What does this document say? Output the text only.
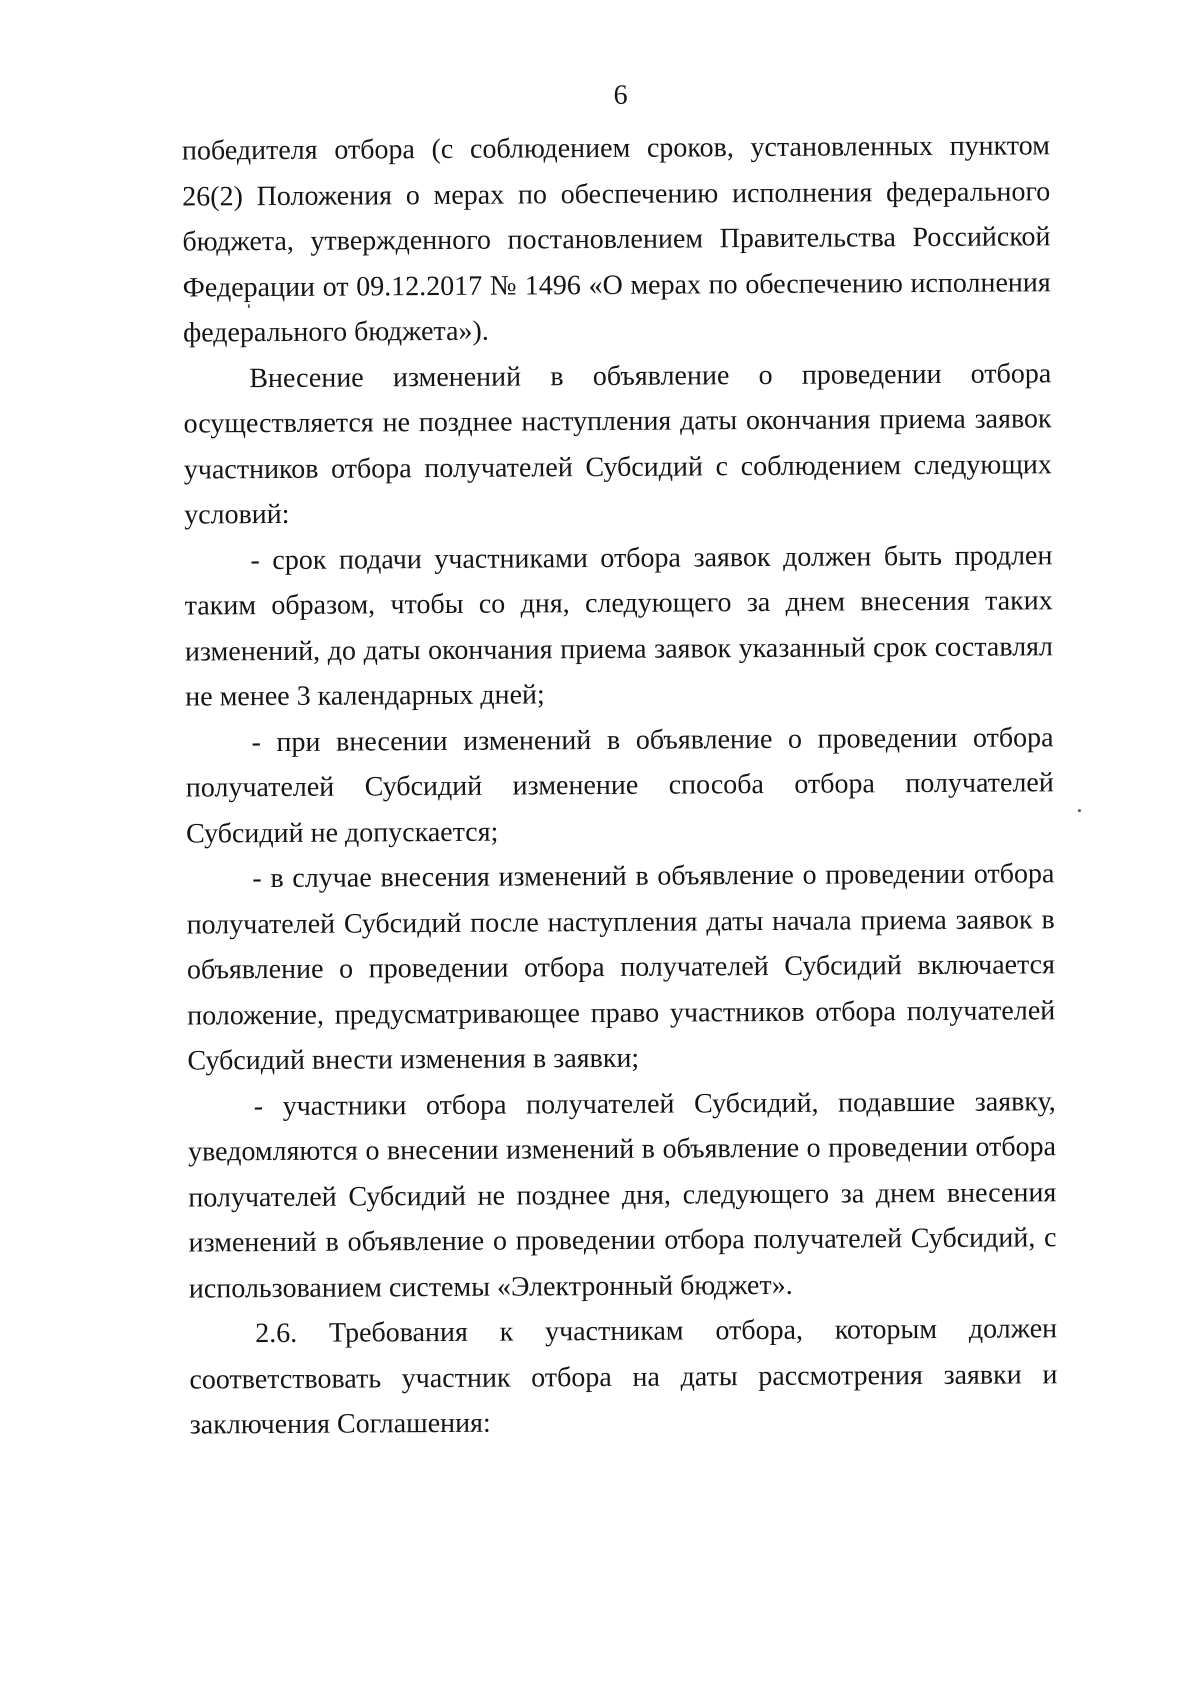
6

победителя отбора (с соблюдением сроков, установленных пунктом 26(2) Положения о мерах по обеспечению исполнения федерального бюджета, утвержденного постановлением Правительства Российской Федерации от 09.12.2017 № 1496 «О мерах по обеспечению исполнения федерального бюджета»).

Внесение изменений в объявление о проведении отбора осуществляется не позднее наступления даты окончания приема заявок участников отбора получателей Субсидий с соблюдением следующих условий:

- срок подачи участниками отбора заявок должен быть продлен таким образом, чтобы со дня, следующего за днем внесения таких изменений, до даты окончания приема заявок указанный срок составлял не менее 3 календарных дней;

- при внесении изменений в объявление о проведении отбора получателей Субсидий изменение способа отбора получателей Субсидий не допускается;

- в случае внесения изменений в объявление о проведении отбора получателей Субсидий после наступления даты начала приема заявок в объявление о проведении отбора получателей Субсидий включается положение, предусматривающее право участников отбора получателей Субсидий внести изменения в заявки;

- участники отбора получателей Субсидий, подавшие заявку, уведомляются о внесении изменений в объявление о проведении отбора получателей Субсидий не позднее дня, следующего за днем внесения изменений в объявление о проведении отбора получателей Субсидий, с использованием системы «Электронный бюджет».

2.6. Требования к участникам отбора, которым должен соответствовать участник отбора на даты рассмотрения заявки и заключения Соглашения:
